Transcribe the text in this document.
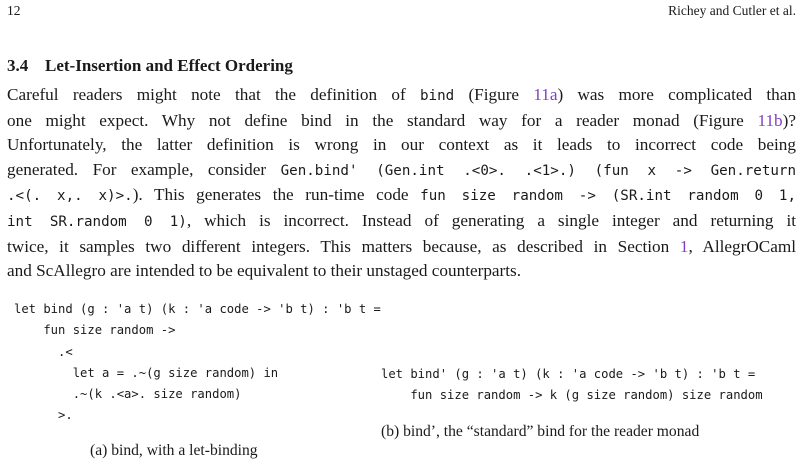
12	Richey and Cutler et al.
3.4 Let-Insertion and Effect Ordering

Careful readers might note that the definition of bind (Figure 11a) was more complicated than
one might expect. Why not define bind in the standard way for a reader monad (Figure 11b)?
Unfortunately, the latter definition is wrong in our context as it leads to incorrect code being
generated. For example, consider Gen.bind' (Gen.int .<0>. .<1>.) (fun x -> Gen.return
.<(. x,. x)>.). This generates the run-time code fun size random -> (SR.int random 0 1,
int SR.random 0 1), which is incorrect. Instead of generating a single integer and returning it
twice, it samples two different integers. This matters because, as described in Section 1, AllegrOCaml
and ScAllegro are intended to be equivalent to their unstaged counterparts.

let bind (g : 'a t) (k : 'a code -> 'b t) : 'b t =
fun size random ->
.<
let a = .~(g size random) in
.~(k .<a>. size random)
>.
(a) bind, with a let-binding
let bind' (g : 'a t) (k : 'a code -> 'b t) : 'b t =
fun size random -> k (g size random) size random
(b) bind’, the “standard” bind for the reader monad
